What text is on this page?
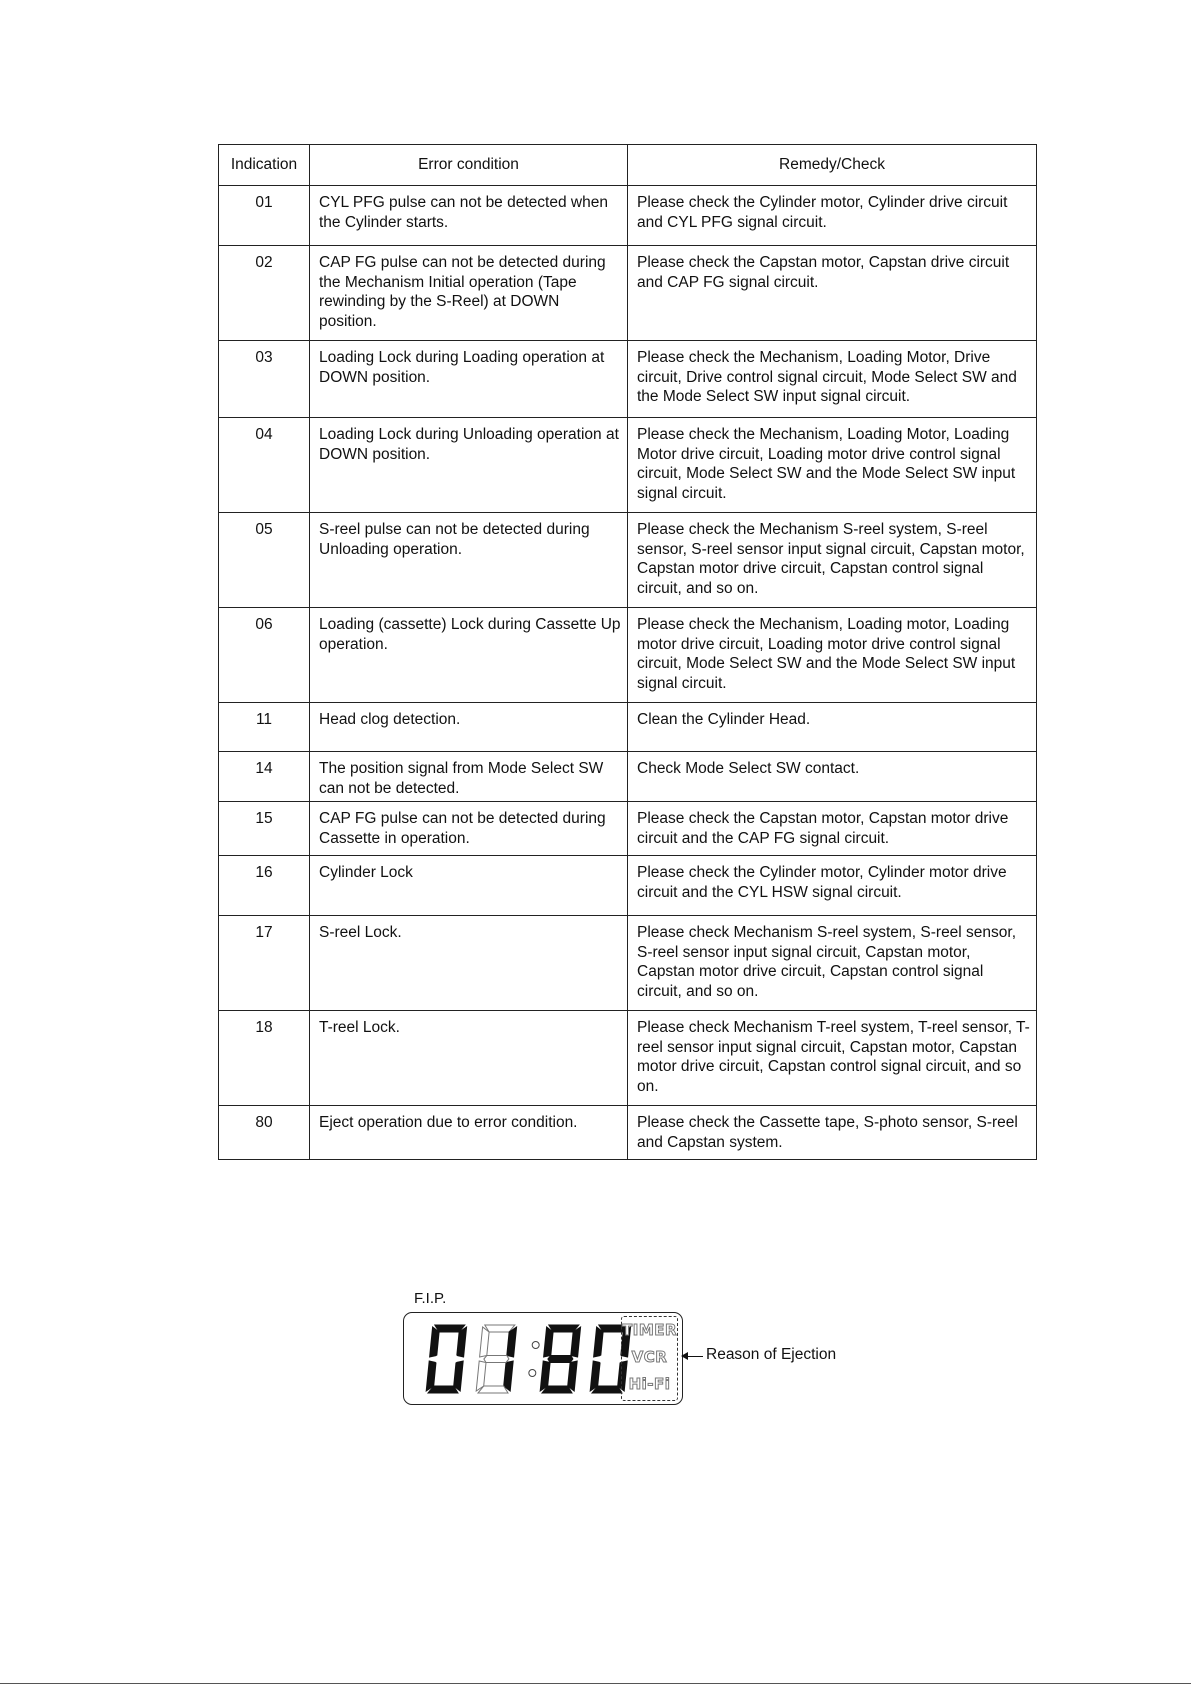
Indication	Error condition	Remedy/Check
01	CYL PFG pulse can not be detected when the Cylinder starts.	Please check the Cylinder motor, Cylinder drive circuit and CYL PFG signal circuit.
02	CAP FG pulse can not be detected during the Mechanism Initial operation (Tape rewinding by the S-Reel) at DOWN position.	Please check the Capstan motor, Capstan drive circuit and CAP FG signal circuit.
03	Loading Lock during Loading operation at DOWN position.	Please check the Mechanism, Loading Motor, Drive circuit, Drive control signal circuit, Mode Select SW and the Mode Select SW input signal circuit.
04	Loading Lock during Unloading operation at DOWN position.	Please check the Mechanism, Loading Motor, Loading Motor drive circuit, Loading motor drive control signal circuit, Mode Select SW and the Mode Select SW input signal circuit.
05	S-reel pulse can not be detected during Unloading operation.	Please check the Mechanism S-reel system, S-reel sensor, S-reel sensor input signal circuit, Capstan motor, Capstan motor drive circuit, Capstan control signal circuit, and so on.
06	Loading (cassette) Lock during Cassette Up operation.	Please check the Mechanism, Loading motor, Loading motor drive circuit, Loading motor drive control signal circuit, Mode Select SW and the Mode Select SW input signal circuit.
11	Head clog detection.	Clean the Cylinder Head.
14	The position signal from Mode Select SW can not be detected.	Check Mode Select SW contact.
15	CAP FG pulse can not be detected during Cassette in operation.	Please check the Capstan motor, Capstan motor drive circuit and the CAP FG signal circuit.
16	Cylinder Lock	Please check the Cylinder motor, Cylinder motor drive circuit and the CYL HSW signal circuit.
17	S-reel Lock.	Please check Mechanism S-reel system, S-reel sensor, S-reel sensor input signal circuit, Capstan motor, Capstan motor drive circuit, Capstan control signal circuit, and so on.
18	T-reel Lock.	Please check Mechanism T-reel system, T-reel sensor, T-reel sensor input signal circuit, Capstan motor, Capstan motor drive circuit, Capstan control signal circuit, and so on.
80	Eject operation due to error condition.	Please check the Cassette tape, S-photo sensor, S-reel and Capstan system.
F.I.P.
TIMER
VCR
Hi-Fi
Reason of Ejection
